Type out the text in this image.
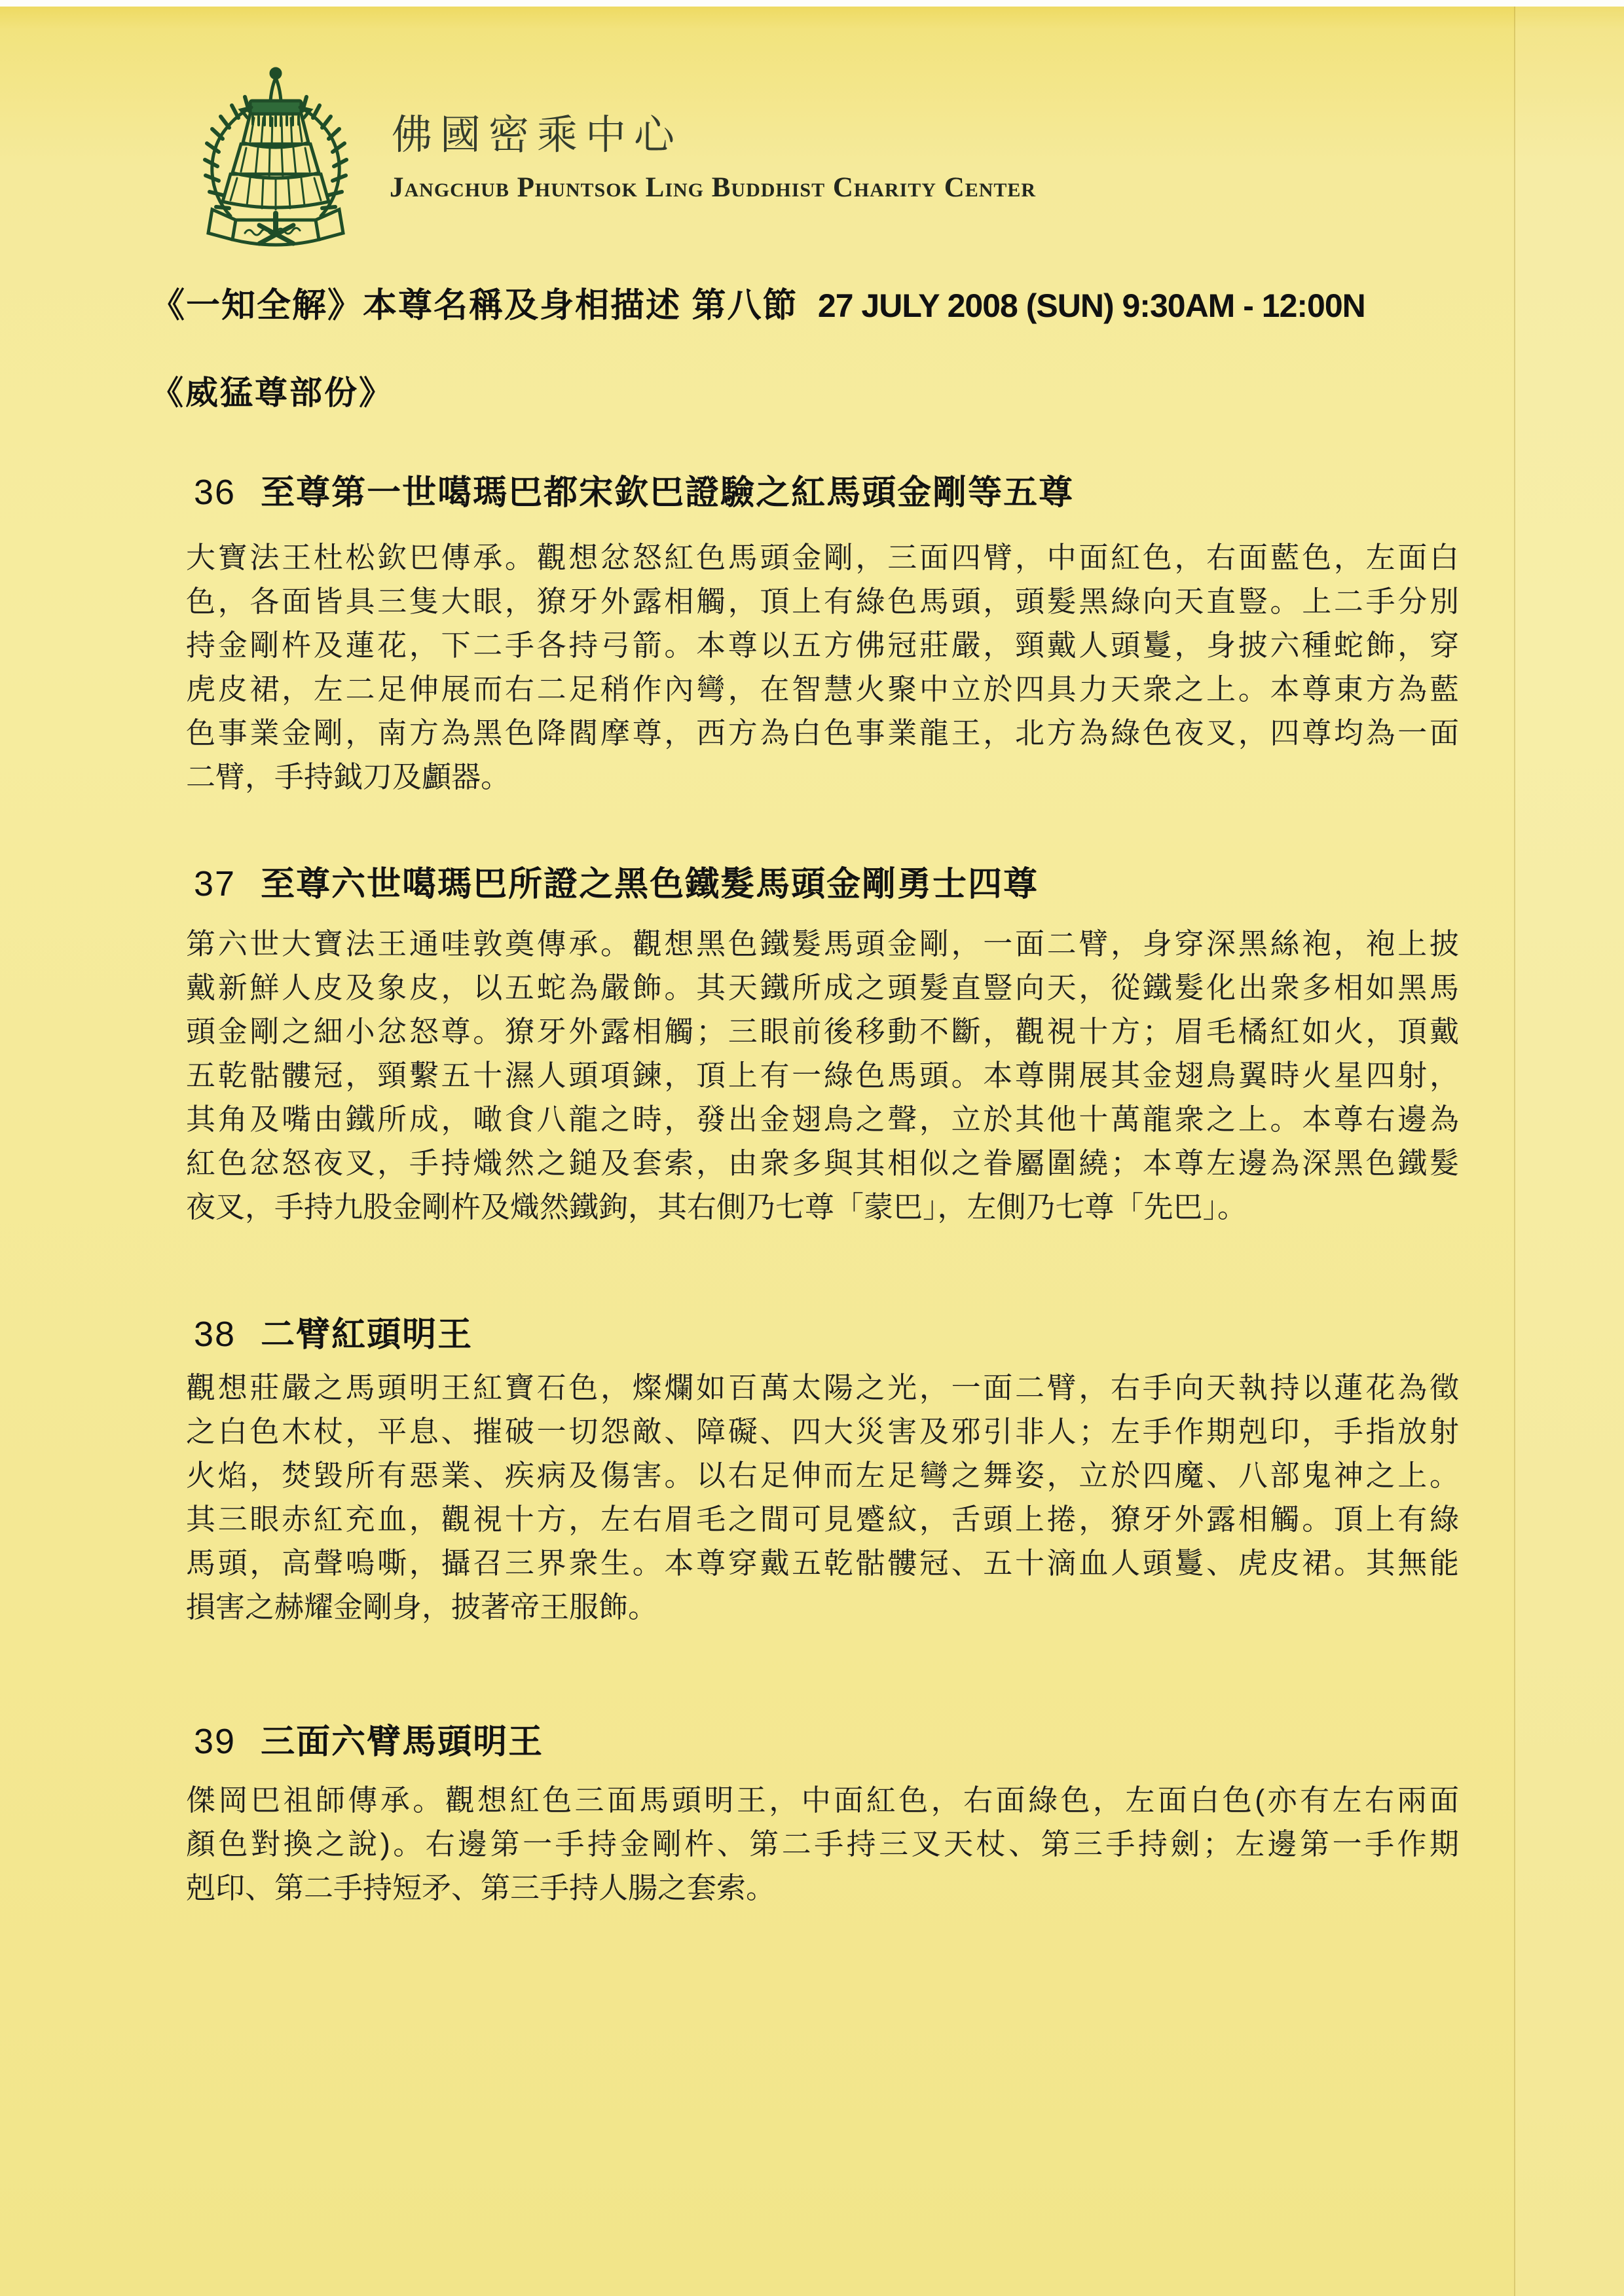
佛國密乘中心
Jangchub Phuntsok Ling Buddhist Charity Center
《一知全解》本尊名稱及身相描述 第八節 27 JULY 2008 (SUN) 9:30AM - 12:00N
《威猛尊部份》
36 至尊第一世噶瑪巴都宋欽巴證驗之紅馬頭金剛等五尊
大寶法王杜松欽巴傳承。觀想忿怒紅色馬頭金剛，三面四臂，中面紅色，右面藍色，左面白
色，各面皆具三隻大眼，獠牙外露相觸，頂上有綠色馬頭，頭髮黑綠向天直豎。上二手分別
持金剛杵及蓮花，下二手各持弓箭。本尊以五方佛冠莊嚴，頸戴人頭鬘，身披六種蛇飾，穿
虎皮裙，左二足伸展而右二足稍作內彎，在智慧火聚中立於四具力天衆之上。本尊東方為藍
色事業金剛，南方為黑色降閻摩尊，西方為白色事業龍王，北方為綠色夜叉，四尊均為一面
二臂，手持鉞刀及顱器。
37 至尊六世噶瑪巴所證之黑色鐵髮馬頭金剛勇士四尊
第六世大寶法王通哇敦奠傳承。觀想黑色鐵髮馬頭金剛，一面二臂，身穿深黑絲袍，袍上披
戴新鮮人皮及象皮，以五蛇為嚴飾。其天鐵所成之頭髮直豎向天，從鐵髮化出衆多相如黑馬
頭金剛之細小忿怒尊。獠牙外露相觸；三眼前後移動不斷，觀視十方；眉毛橘紅如火，頂戴
五乾骷髏冠，頸繫五十濕人頭項鍊，頂上有一綠色馬頭。本尊開展其金翅鳥翼時火星四射，
其角及嘴由鐵所成，噉食八龍之時，發出金翅鳥之聲，立於其他十萬龍衆之上。本尊右邊為
紅色忿怒夜叉，手持熾然之鎚及套索，由衆多與其相似之眷屬圍繞；本尊左邊為深黑色鐵髮
夜叉，手持九股金剛杵及熾然鐵鉤，其右側乃七尊「蒙巴」，左側乃七尊「先巴」。
38 二臂紅頭明王
觀想莊嚴之馬頭明王紅寶石色，燦爛如百萬太陽之光，一面二臂，右手向天執持以蓮花為徵
之白色木杖，平息、摧破一切怨敵、障礙、四大災害及邪引非人；左手作期剋印，手指放射
火焰，焚毀所有惡業、疾病及傷害。以右足伸而左足彎之舞姿，立於四魔、八部鬼神之上。
其三眼赤紅充血，觀視十方，左右眉毛之間可見蹙紋，舌頭上捲，獠牙外露相觸。頂上有綠
馬頭，高聲嗚嘶，攝召三界衆生。本尊穿戴五乾骷髏冠、五十滴血人頭鬘、虎皮裙。其無能
損害之赫耀金剛身，披著帝王服飾。
39 三面六臂馬頭明王
傑岡巴祖師傳承。觀想紅色三面馬頭明王，中面紅色，右面綠色，左面白色(亦有左右兩面
顏色對換之說)。右邊第一手持金剛杵、第二手持三叉天杖、第三手持劍；左邊第一手作期
剋印、第二手持短矛、第三手持人腸之套索。
